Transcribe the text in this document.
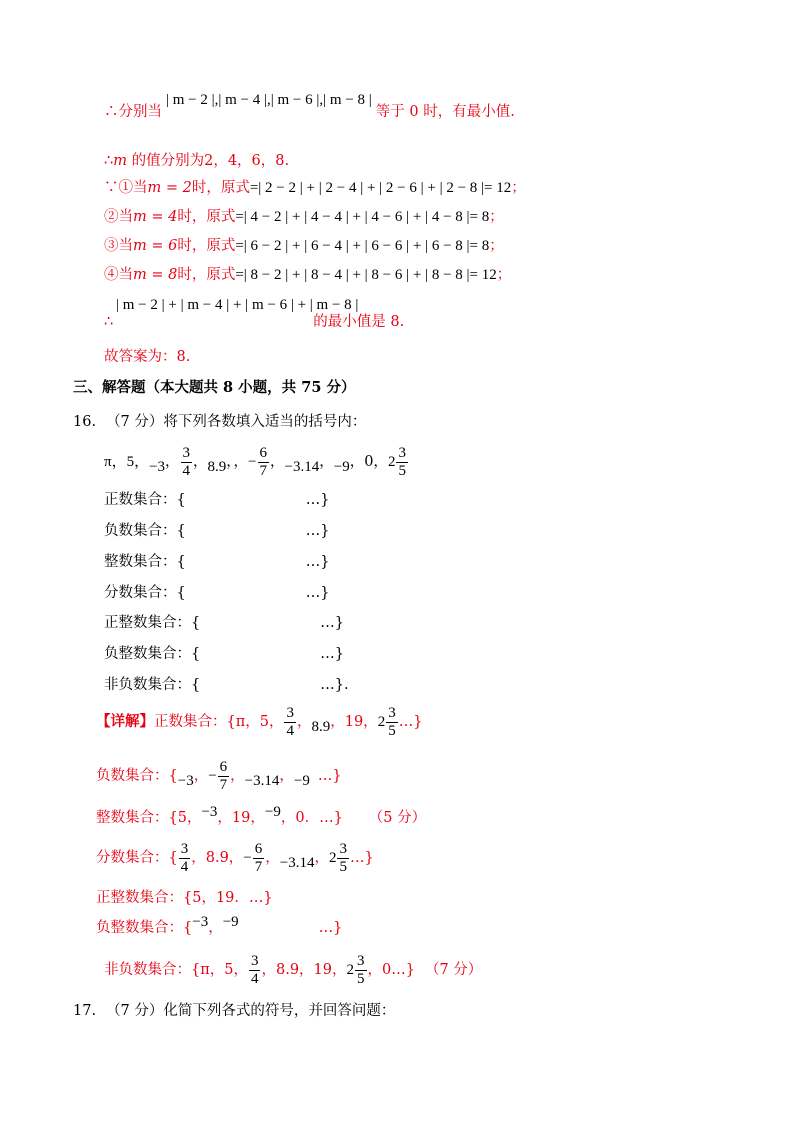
∴分别当| m − 2 |,| m − 4 |,| m − 6 |,| m − 8 |等于 0 时，有最小值.
∴m 的值分别为2，4，6，8.
∵①当m = 2时，原式=| 2 − 2 | + | 2 − 4 | + | 2 − 6 | + | 2 − 8 |= 12；
②当m = 4时，原式=| 4 − 2 | + | 4 − 4 | + | 4 − 6 | + | 4 − 8 |= 8；
③当m = 6时，原式=| 6 − 2 | + | 6 − 4 | + | 6 − 6 | + | 6 − 8 |= 8；
④当m = 8时，原式=| 8 − 2 | + | 8 − 4 | + | 8 − 6 | + | 8 − 8 |= 12；
| m − 2 | + | m − 4 | + | m − 6 | + | m − 8 |
∴	的最小值是 8.
故答案为：8.
三、解答题（本大题共 8 小题，共 75 分）
16. （7 分）将下列各数填入适当的括号内：
π，5，−3， $\frac{3}{4}$ ，8.9，，− $\frac{6}{7}$ ，−3.14，−9，0，$2 \frac{3}{5}$
正数集合：{	…}
负数集合：{	…}
整数集合：{	…}
分数集合：{	…}
正整数集合：{	…}
负整数集合：{	…}
非负数集合：{	…}.
【详解】正数集合：{π，5， $\frac{3}{4}$ ，8.9，19，$2 \frac{3}{5}$ …}
负数集合：{−3，− $\frac{6}{7}$ ，−3.14，−9 …}
整数集合：{5，−3，19，−9，0．…} （5 分）
分数集合：{ $\frac{3}{4}$ ，8.9，− $\frac{6}{7}$ ，−3.14，$2 \frac{3}{5}$ …}
正整数集合：{5，19．…}
负整数集合：{−3，−9	…}
非负数集合：{π，5， $\frac{3}{4}$ ，8.9，19，$2 \frac{3}{5}$ ，0…} （7 分）
17. （7 分）化简下列各式的符号，并回答问题：
